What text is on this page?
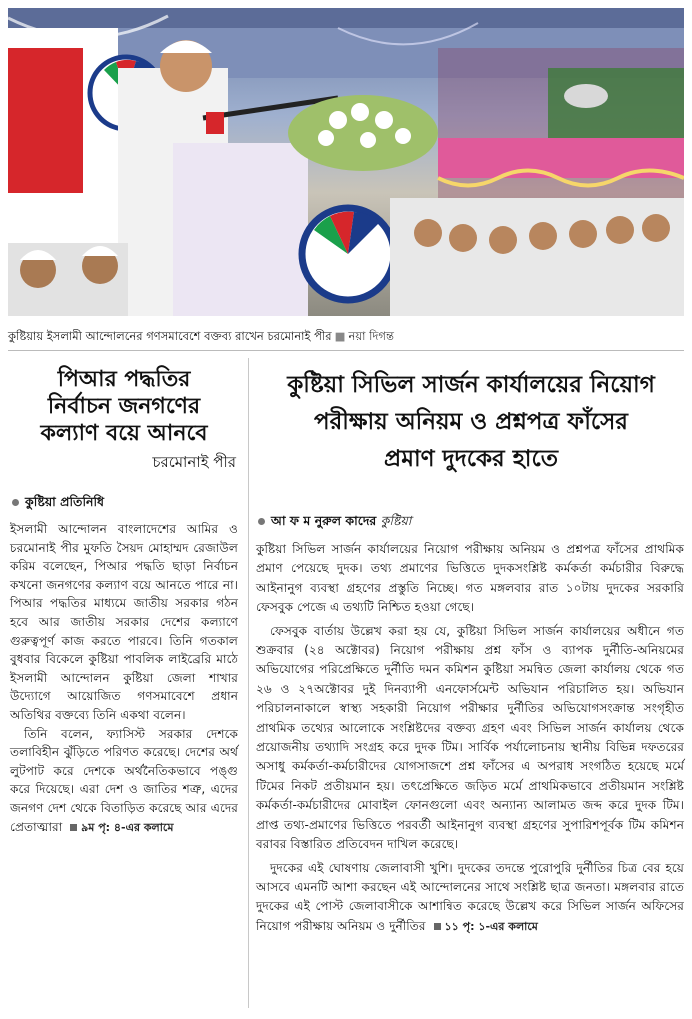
কুষ্টিয়ায় ইসলামী আন্দোলনের গণসমাবেশে বক্তব্য রাখেন চরমোনাই পীর ■ নয়া দিগন্ত
পিআর পদ্ধতির
নির্বাচন জনগণের
কল্যাণ বয়ে আনবে
চরমোনাই পীর
কুষ্টিয়া প্রতিনিধি

ইসলামী আন্দোলন বাংলাদেশের আমির ও চরমোনাই পীর মুফতি সৈয়দ মোহাম্মদ রেজাউল করিম বলেছেন, পিআর পদ্ধতি ছাড়া নির্বাচন কখনো জনগণের কল্যাণ বয়ে আনতে পারে না। পিআর পদ্ধতির মাধ্যমে জাতীয় সরকার গঠন হবে আর জাতীয় সরকার দেশের কল্যাণে গুরুত্বপূর্ণ কাজ করতে পারবে। তিনি গতকাল বুধবার বিকেলে কুষ্টিয়া পাবলিক লাইব্রেরি মাঠে ইসলামী আন্দোলন কুষ্টিয়া জেলা শাখার উদ্যোগে আয়োজিত গণসমাবেশে প্রধান অতিথির বক্তব্যে তিনি একথা বলেন।

তিনি বলেন, ফ্যাসিস্ট সরকার দেশকে তলাবিহীন ঝুঁড়িতে পরিণত করেছে। দেশের অর্থ লুটপাট করে দেশকে অর্থনৈতিকভাবে পঙ্গু করে দিয়েছে। এরা দেশ ও জাতির শত্রু, এদের জনগণ দেশ থেকে বিতাড়িত করেছে আর এদের প্রেতাত্মারা ৯ম পৃ: ৪-এর কলামে

কুষ্টিয়া সিভিল সার্জন কার্যালয়ের নিয়োগ
পরীক্ষায় অনিয়ম ও প্রশ্নপত্র ফাঁসের
প্রমাণ দুদকের হাতে
আ ফ ম নুরুল কাদের কুষ্টিয়া

কুষ্টিয়া সিভিল সার্জন কার্যালয়ের নিয়োগ পরীক্ষায় অনিয়ম ও প্রশ্নপত্র ফাঁসের প্রাথমিক প্রমাণ পেয়েছে দুদক। তথ্য প্রমাণের ভিত্তিতে দুদকসংশ্লিষ্ট কর্মকর্তা কর্মচারীর বিরুদ্ধে আইনানুগ ব্যবস্থা গ্রহণের প্রস্তুতি নিচ্ছে। গত মঙ্গলবার রাত ১০টায় দুদকের সরকারি ফেসবুক পেজে এ তথ্যটি নিশ্চিত হওয়া গেছে।

ফেসবুক বার্তায় উল্লেখ করা হয় যে, কুষ্টিয়া সিভিল সার্জন কার্যালয়ের অধীনে গত শুক্রবার (২৪ অক্টোবর) নিয়োগ পরীক্ষায় প্রশ্ন ফাঁস ও ব্যাপক দুর্নীতি-অনিয়মের অভিযোগের পরিপ্রেক্ষিতে দুর্নীতি দমন কমিশন কুষ্টিয়া সমন্বিত জেলা কার্যালয় থেকে গত ২৬ ও ২৭অক্টোবর দুই দিনব্যাপী এনফোর্সমেন্ট অভিযান পরিচালিত হয়। অভিযান পরিচালনাকালে স্বাস্থ্য সহকারী নিয়োগ পরীক্ষার দুর্নীতির অভিযোগসংক্রান্ত সংগৃহীত প্রাথমিক তথ্যের আলোকে সংশ্লিষ্টদের বক্তব্য গ্রহণ এবং সিভিল সার্জন কার্যালয় থেকে প্রয়োজনীয় তথ্যাদি সংগ্রহ করে দুদক টিম। সার্বিক পর্যালোচনায় স্থানীয় বিভিন্ন দফতরের অসাধু কর্মকর্তা-কর্মচারীদের যোগসাজশে প্রশ্ন ফাঁসের এ অপরাধ সংগঠিত হয়েছে মর্মে টিমের নিকট প্রতীয়মান হয়। তৎপ্রেক্ষিতে জড়িত মর্মে প্রাথমিকভাবে প্রতীয়মান সংশ্লিষ্ট কর্মকর্তা-কর্মচারীদের মোবাইল ফোনগুলো এবং অন্যান্য আলামত জব্দ করে দুদক টিম। প্রাপ্ত তথ্য-প্রমাণের ভিত্তিতে পরবর্তী আইনানুগ ব্যবস্থা গ্রহণের সুপারিশপূর্বক টিম কমিশন বরাবর বিস্তারিত প্রতিবেদন দাখিল করেছে।

দুদকের এই ঘোষণায় জেলাবাসী খুশি। দুদকের তদন্তে পুরোপুরি দুর্নীতির চিত্র বের হয়ে আসবে এমনটি আশা করছেন এই আন্দোলনের সাথে সংশ্লিষ্ট ছাত্র জনতা। মঙ্গলবার রাতে দুদকের এই পোস্ট জেলাবাসীকে আশান্বিত করেছে উল্লেখ করে সিভিল সার্জন অফিসের নিয়োগ পরীক্ষায় অনিয়ম ও দুর্নীতির ১১ পৃ: ১-এর কলামে
